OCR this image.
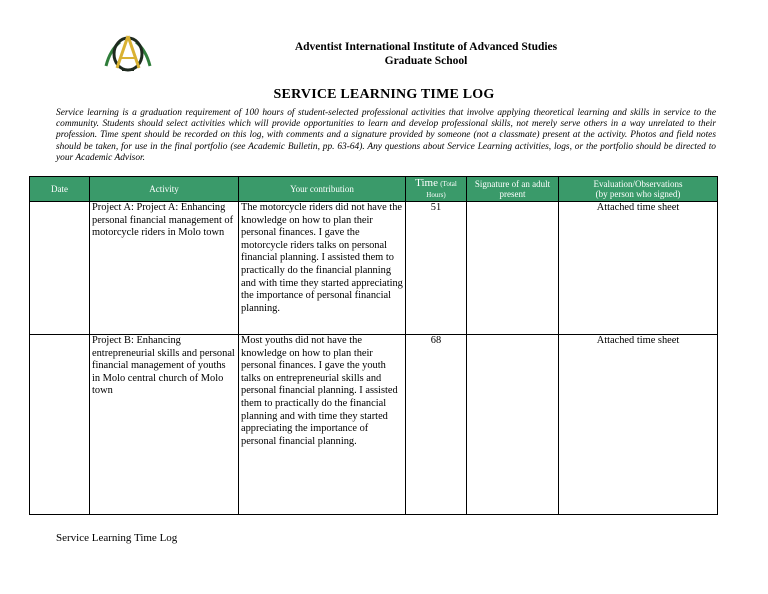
Adventist International Institute of Advanced Studies
Graduate School
SERVICE LEARNING TIME LOG
Service learning is a graduation requirement of 100 hours of student-selected professional activities that involve applying theoretical learning and skills in service to the community. Students should select activities which will provide opportunities to learn and develop professional skills, not merely serve others in a way unrelated to their profession. Time spent should be recorded on this log, with comments and a signature provided by someone (not a classmate) present at the activity. Photos and field notes should be taken, for use in the final portfolio (see Academic Bulletin, pp. 63-64). Any questions about Service Learning activities, logs, or the portfolio should be directed to your Academic Advisor.
Date	Activity	Your contribution	Time (Total Hours)	Signature of an adult present	Evaluation/Observations
(by person who signed)

	Project A: Project A: Enhancing personal financial management of motorcycle riders in Molo town	The motorcycle riders did not have the knowledge on how to plan their personal finances. I gave the motorcycle riders talks on personal financial planning. I assisted them to practically do the financial planning and with time they started appreciating the importance of personal financial planning.	51		Attached time sheet
	Project B: Enhancing entrepreneurial skills and personal financial management of youths in Molo central church of Molo town	Most youths did not have the knowledge on how to plan their personal finances. I gave the youth talks on entrepreneurial skills and personal financial planning. I assisted them to practically do the financial planning and with time they started appreciating the importance of personal financial planning.	68		Attached time sheet
Service Learning Time Log
